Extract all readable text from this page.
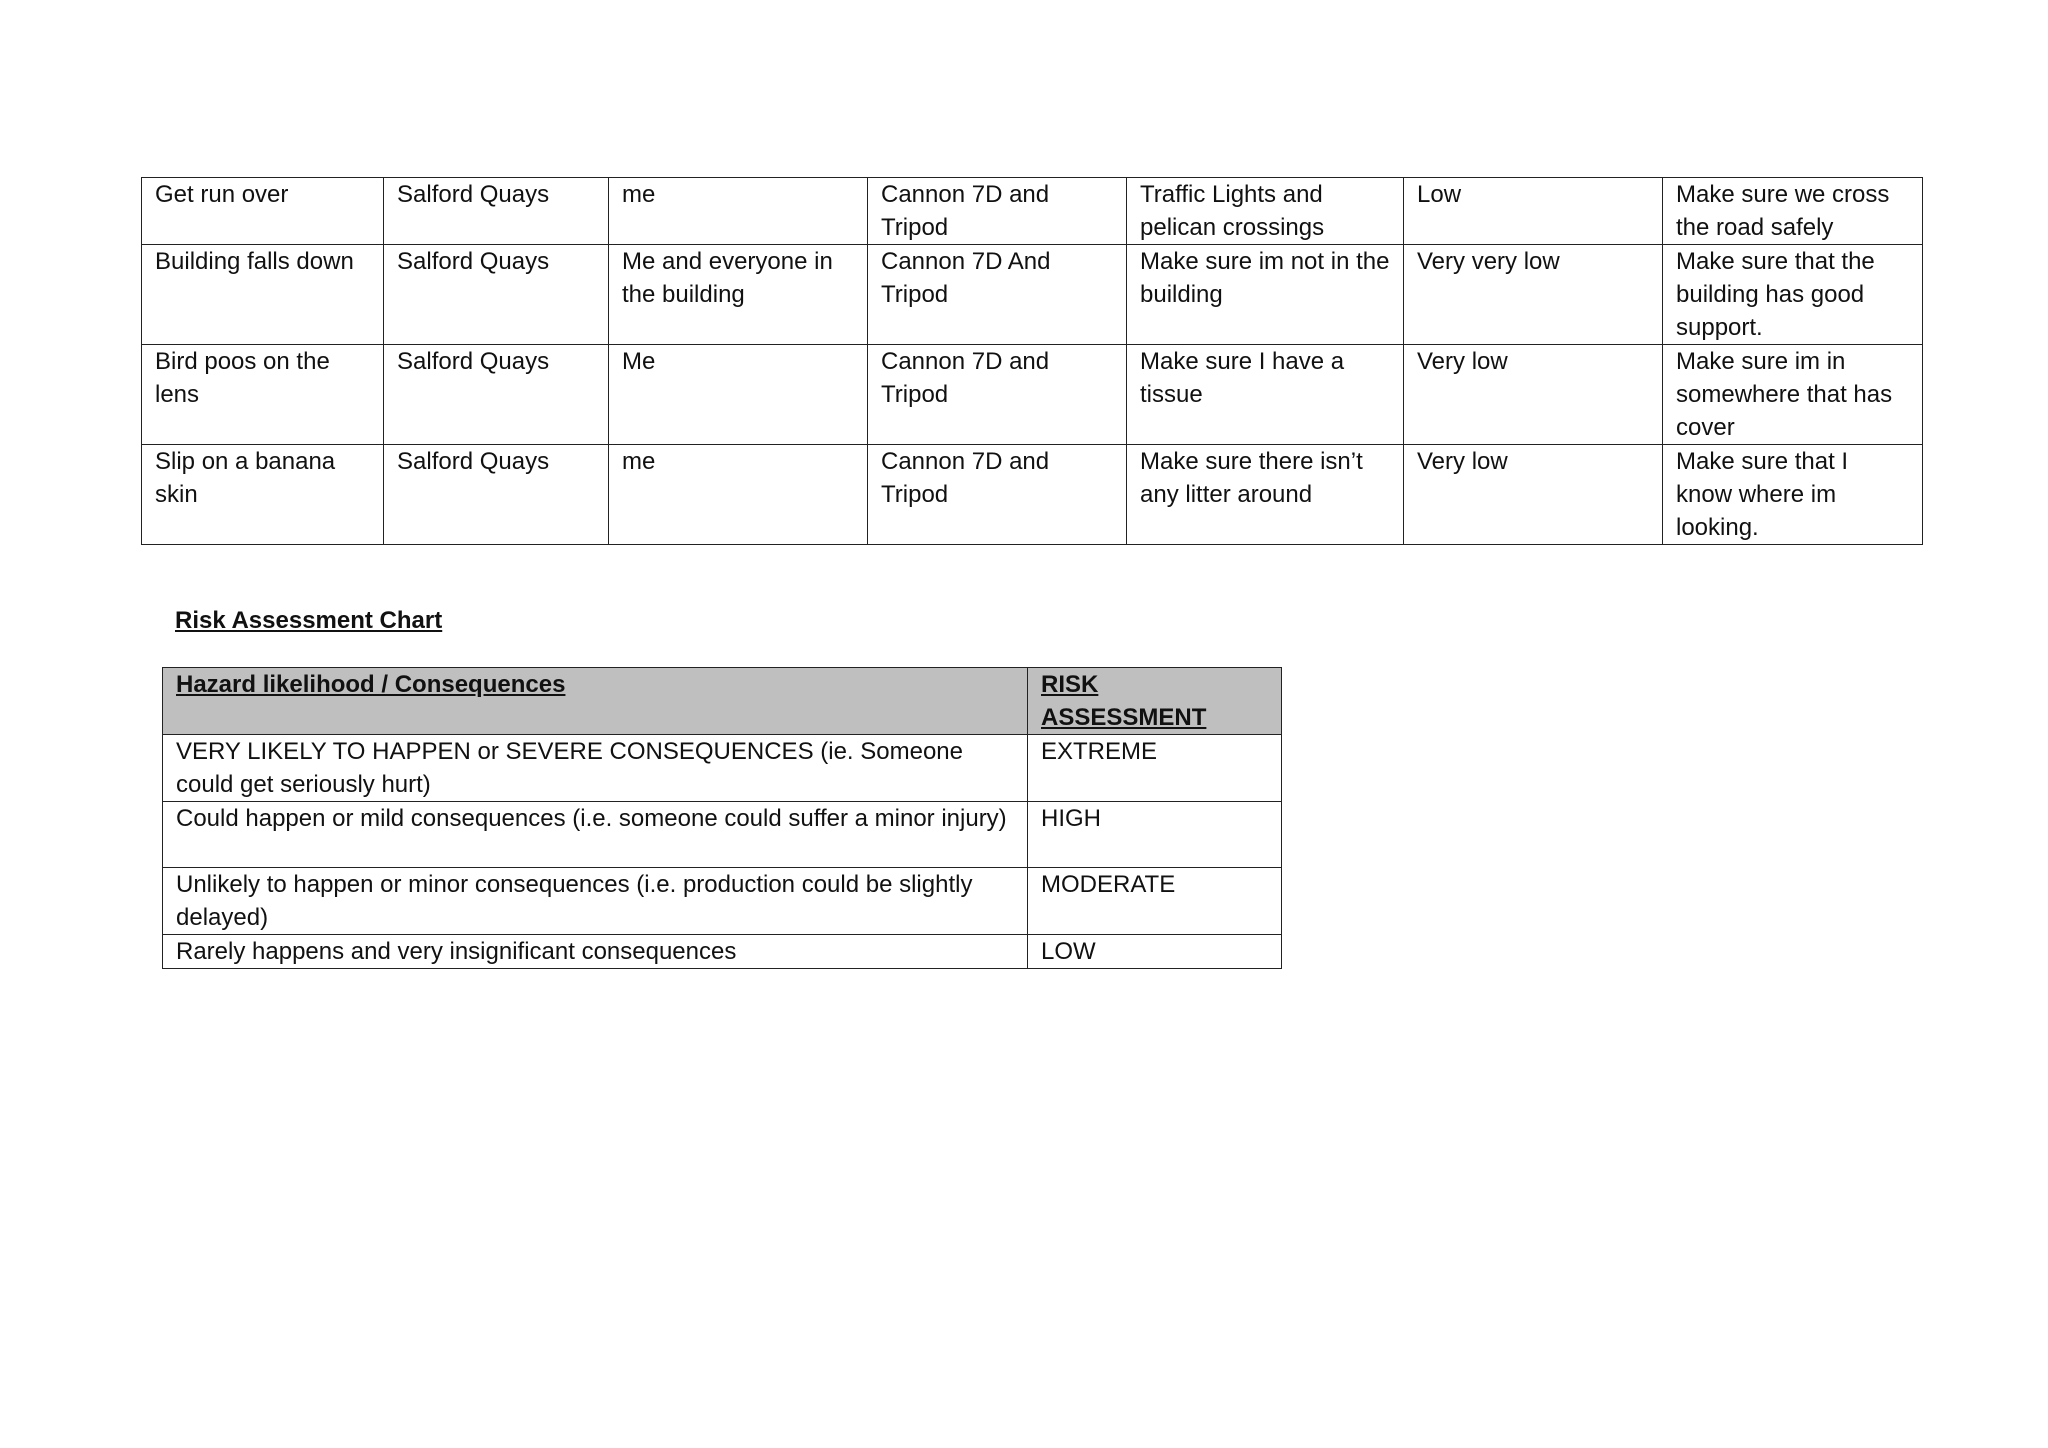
Get run over	Salford Quays	me	Cannon 7D and Tripod	Traffic Lights and pelican crossings	Low	Make sure we cross the road safely
Building falls down	Salford Quays	Me and everyone in the building	Cannon 7D And Tripod	Make sure im not in the building	Very very low	Make sure that the building has good support.
Bird poos on the lens	Salford Quays	Me	Cannon 7D and Tripod	Make sure I have a tissue	Very low	Make sure im in somewhere that has cover
Slip on a banana skin	Salford Quays	me	Cannon 7D and Tripod	Make sure there isn’t any litter around	Very low	Make sure that I know where im looking.

Risk Assessment Chart

Hazard likelihood / Consequences	RISK ASSESSMENT
VERY LIKELY TO HAPPEN or SEVERE CONSEQUENCES (ie. Someone could get seriously hurt)	EXTREME
Could happen or mild consequences (i.e. someone could suffer a minor injury)	HIGH
Unlikely to happen or minor consequences (i.e. production could be slightly delayed)	MODERATE
Rarely happens and very insignificant consequences	LOW
